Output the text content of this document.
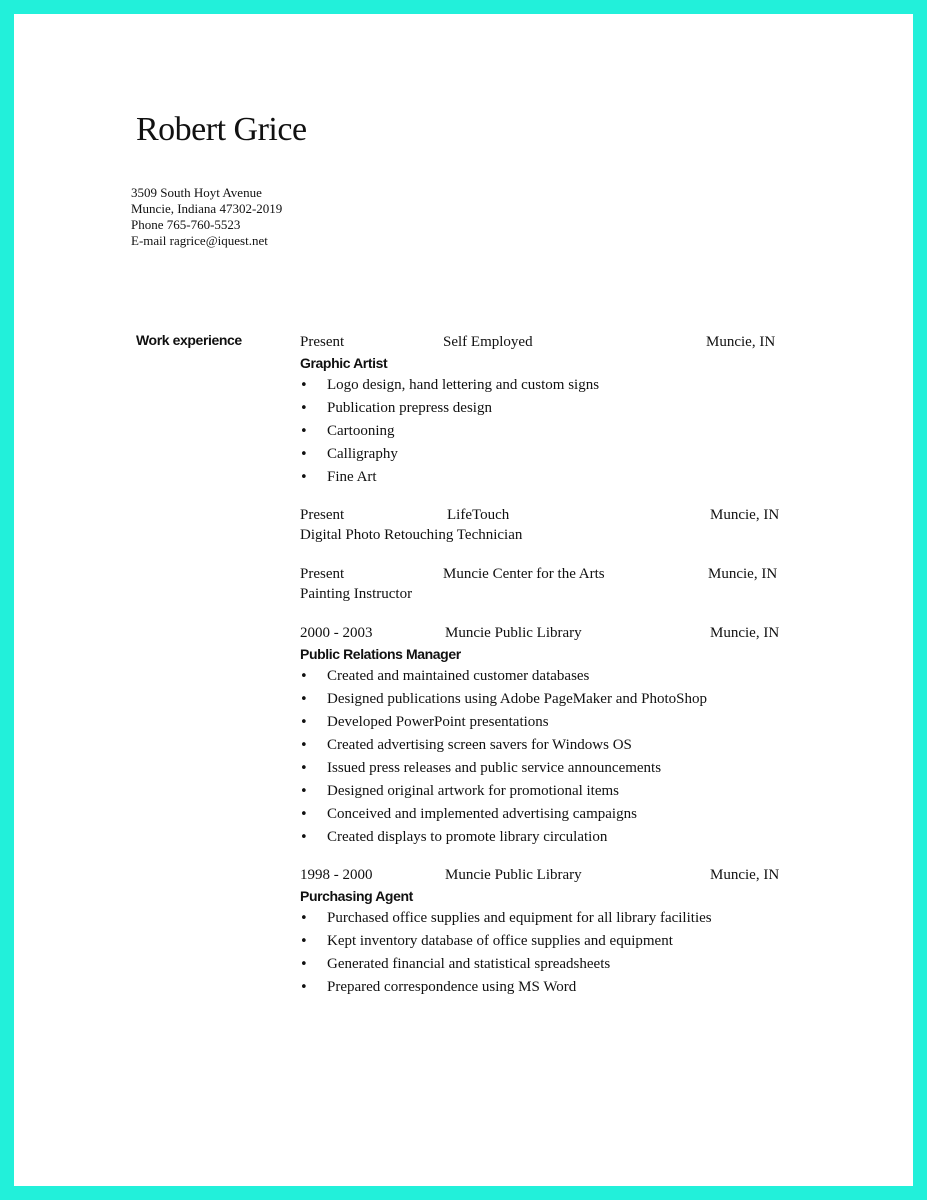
Robert Grice
3509 South Hoyt Avenue
Muncie, Indiana 47302-2019
Phone 765-760-5523
E-mail ragrice@iquest.net
Work experience	Present	Self Employed	Muncie, IN
Graphic Artist
• Logo design, hand lettering and custom signs
• Publication prepress design
• Cartooning
• Calligraphy
• Fine Art
Present	LifeTouch	Muncie, IN
Digital Photo Retouching Technician
Present	Muncie Center for the Arts	Muncie, IN
Painting Instructor
2000 - 2003	Muncie Public Library	Muncie, IN
Public Relations Manager
• Created and maintained customer databases
• Designed publications using Adobe PageMaker and PhotoShop
• Developed PowerPoint presentations
• Created advertising screen savers for Windows OS
• Issued press releases and public service announcements
• Designed original artwork for promotional items
• Conceived and implemented advertising campaigns
• Created displays to promote library circulation
1998 - 2000	Muncie Public Library	Muncie, IN
Purchasing Agent
• Purchased office supplies and equipment for all library facilities
• Kept inventory database of office supplies and equipment
• Generated financial and statistical spreadsheets
• Prepared correspondence using MS Word
